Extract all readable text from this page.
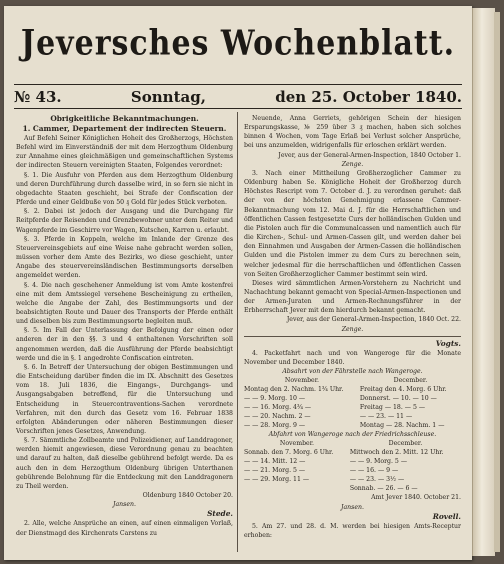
Jeversches Wochenblatt.
№ 43.	Sonntag,	den 25. October 1840.

Obrigkeitliche Bekanntmachungen.

1. Cammer, Departement der indirecten Steuern.

Auf Befehl Seiner Königlichen Hoheit des Großherzogs, Höchsten Befehl wird im Einverständniß der mit dem Herzogthum Oldenburg zur Annahme eines gleichmäßigen und gemeinschaftlichen Systems der indirecten Steuern vereinigten Staaten, Folgendes verordnet:

§. 1. Die Ausfuhr von Pferden aus dem Herzogthum Oldenburg und deren Durchführung durch dasselbe wird, in so fern sie nicht in obgedachte Staaten geschieht, bei Strafe der Confiscation der Pferde und einer Geldbuße von 50 ₰ Gold für jedes Stück verboten.

§. 2. Dabei ist jedoch der Ausgang und die Durchgang für Reitpferde der Reisenden und Grenzbewohner unter dem Reiter und Wagenpferde im Geschirre vor Wagen, Kutschen, Karren u. erlaubt.

§. 3. Pferde in Koppeln, welche im Inlande der Grenze des Steuervereinsgebiets auf eine Weise nahe gebracht werden sollen, müssen vorher dem Amte des Bezirks, wo diese geschieht, unter Angabe des steuervereinsländischen Bestimmungsorts derselben angemeldet werden.

§. 4. Die nach geschehener Anmeldung ist vom Amte kostenfrei eine mit dem Amtssiegel versehene Bescheinigung zu ertheilen, welche die Angabe der Zahl, des Bestimmungsorts und der beabsichtigten Route und Dauer des Transports der Pferde enthält und dieselben bis zum Bestimmungsorte begleiten muß.

§. 5. Im Fall der Unterlassung der Befolgung der einen oder anderen der in den §§. 3 und 4 enthaltenen Vorschriften soll angenommen werden, daß die Ausführung der Pferde beabsichtigt werde und die in §. 1 angedrohte Confiscation eintreten.

§. 6. In Betreff der Untersuchung der obigen Bestimmungen und die Entscheidung darüber finden die im IX. Abschnitt des Gesetzes vom 18. Juli 1836, die Eingangs-, Durchgangs- und Ausgangsabgaben betreffend, für die Untersuchung und Entscheidung in Steuercontraventions-Sachen verordnete Verfahren, mit den durch das Gesetz vom 16. Februar 1838 erfolgten Abänderungen oder näheren Bestimmungen dieser Vorschriften jenes Gesetzes, Anwendung.

§. 7. Sämmtliche Zollbeamte und Polizeidiener, auf Landdragoner, werden hiemit angewiesen, diese Verordnung genau zu beachten und darauf zu halten, daß dieselbe gebührend befolgt werde. Da es auch den in dem Herzogthum Oldenburg übrigen Unterthanen gebührende Belohnung für die Entdeckung mit den Landdragonern zu Theil werden.

Oldenburg 1840 October 20.

Jansen.

Stede.

2. Alle, welche Ansprüche an einen, auf einen einmaligen Vorlaß, der Dienstmagd des Kirchenrats Carstens zu

Neuende, Anna Gerriets, gehörigen Schein der hiesigen Ersparungskasse, № 259 über 3 ₰ machen, haben sich solches binnen 4 Wochen, vom Tage Erlaß bei Verlust solcher Ansprüche, bei uns anzumelden, widrigenfalls für erloschen erklärt werden.

Jever, aus der General-Armen-Inspection, 1840 October 1.

Zenge.

3. Nach einer Mittheilung Großherzoglicher Cammer zu Oldenburg haben Se. Königliche Hoheit der Großherzog durch Höchstes Rescript vom 7. October d. J. zu verordnen geruhet: daß der von der höchsten Genehmigung erlassene Cammer-Bekanntmachung vom 12. Mai d. J. für die Herrschaftlichen und öffentlichen Cassen festgesetzte Curs der holländischen Gulden und die Pistolen auch für die Communalcassen und namentlich auch für die Kirchen-, Schul- und Armen-Cassen gilt, und werden daher bei den Einnahmen und Ausgaben der Armen-Cassen die holländischen Gulden und die Pistolen immer zu dem Curs zu berechnen sein, welcher jedesmal für die herrschaftlichen und öffentlichen Cassen von Seiten Großherzoglicher Cammer bestimmt sein wird.

Dieses wird sämmtlichen Armen-Vorstehern zu Nachricht und Nachachtung bekannt gemacht von Special-Armen-Inspectionen und der Armen-Juraten und Armen-Rechnungsführer in der Erbherrschaft Jever mit dem hierdurch bekannt gemacht.

Jever, aus der General-Armen-Inspection, 1840 Oct. 22.

Zenge.

Vogts.

4. Packetfahrt nach und von Wangeroge für die Monate November und December 1840.

Absahrt von der Fährstelle nach Wangeroge.

November.		December.	
Montag den 2. Nachm. 1¾ Uhr.		Freitag den 4. Morg. 6 Uhr.	
— — 9. Morg. 10 —		Donnerst. — 10. — 10 —	
— — 16. Morg. 4¾ —		Freitag — 18. — 5 —	
— — 20. Nachm. 2 —		— — 23. — 11 —	
— — 28. Morg. 9 —		Montag — 28. Nachm. 1 —	

Abfahrt von Wangeroge nach der Friedrichsschleuse.

November.		December.	
Sonnab. den 7. Morg. 6 Uhr.		Mittwoch den 2. Mitt. 12 Uhr.	
— — 14. Mitt. 12 —		— — 9. Morg. 5 —	
— — 21. Morg. 5 —		— — 16. — 9 —	
— — 29. Morg. 11 —		— — 23. — 3½ —	
		Sonnab. — 26. — 6 —	

Amt Jever 1840. October 21.

Jansen.

Rovell.

5. Am 27. und 28. d. M. werden bei hiesigen Amts-Receptur erhoben:
